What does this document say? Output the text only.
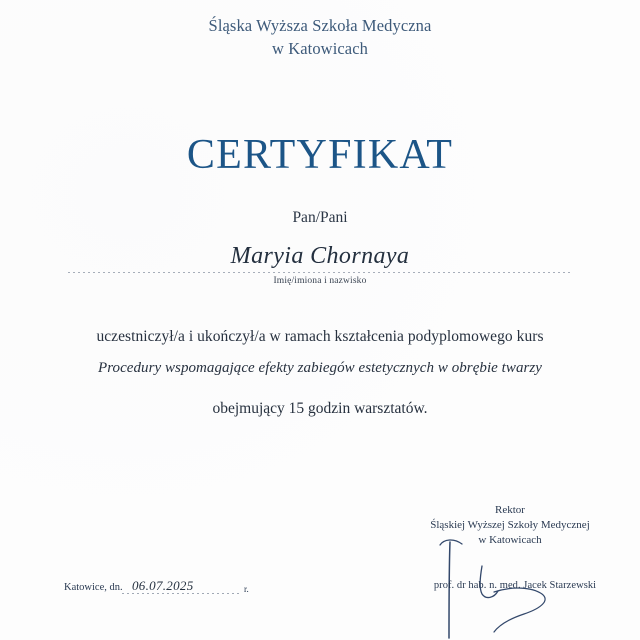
Śląska Wyższa Szkoła Medyczna
w Katowicach
CERTYFIKAT
Pan/Pani
Maryia Chornaya
Imię/imiona i nazwisko
uczestniczył/a i ukończył/a w ramach kształcenia podyplomowego kurs
Procedury wspomagające efekty zabiegów estetycznych w obrębie twarzy
obejmujący 15 godzin warsztatów.
Rektor
Śląskiej Wyższej Szkoły Medycznej
w Katowicach
prof. dr hab. n. med. Jacek Starzewski
Katowice, dn. 06.07.2025	r.
